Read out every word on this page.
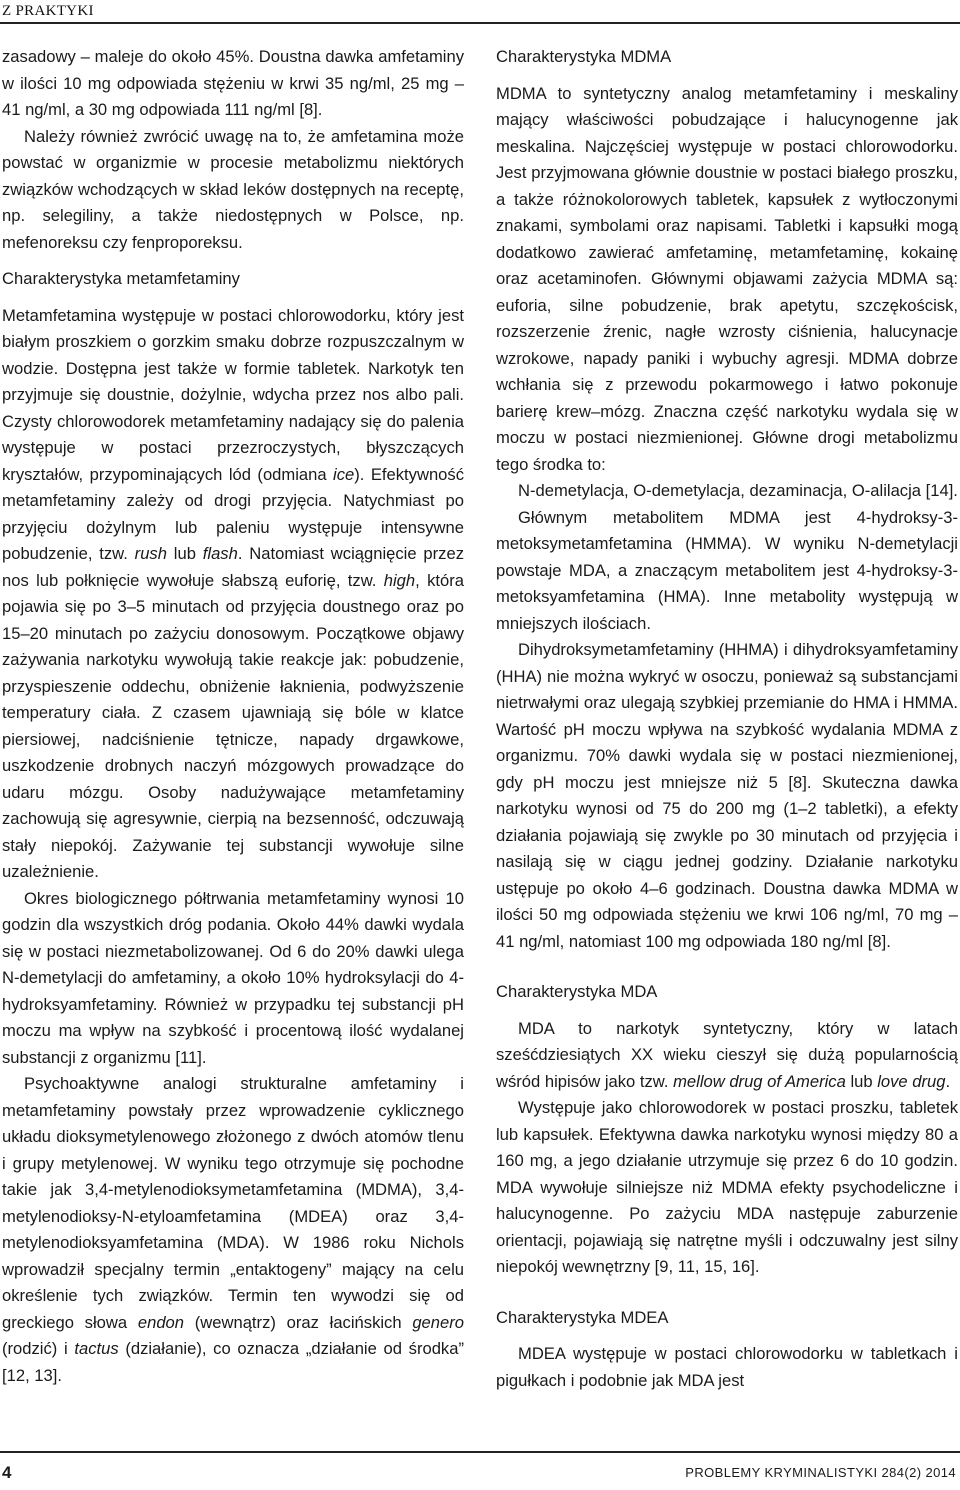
Z PRAKTYKI

zasadowy – maleje do około 45%. Doustna dawka amfetaminy w ilości 10 mg odpowiada stężeniu w krwi 35 ng/ml, 25 mg – 41 ng/ml, a 30 mg odpowiada 111 ng/ml [8].

Należy również zwrócić uwagę na to, że amfetamina może powstać w organizmie w procesie metabolizmu niektórych związków wchodzących w skład leków dostępnych na receptę, np. selegiliny, a także niedostępnych w Polsce, np. mefenoreksu czy fenproporeksu.

Charakterystyka metamfetaminy

Metamfetamina występuje w postaci chlorowodorku, który jest białym proszkiem o gorzkim smaku dobrze rozpuszczalnym w wodzie. Dostępna jest także w formie tabletek. Narkotyk ten przyjmuje się doustnie, dożylnie, wdycha przez nos albo pali. Czysty chlorowodorek metamfetaminy nadający się do palenia występuje w postaci przezroczystych, błyszczących kryształów, przypominających lód (odmiana ice). Efektywność metamfetaminy zależy od drogi przyjęcia. Natychmiast po przyjęciu dożylnym lub paleniu występuje intensywne pobudzenie, tzw. rush lub flash. Natomiast wciągnięcie przez nos lub połknięcie wywołuje słabszą euforię, tzw. high, która pojawia się po 3–5 minutach od przyjęcia doustnego oraz po 15–20 minutach po zażyciu donosowym. Początkowe objawy zażywania narkotyku wywołują takie reakcje jak: pobudzenie, przyspieszenie oddechu, obniżenie łaknienia, podwyższenie temperatury ciała. Z czasem ujawniają się bóle w klatce piersiowej, nadciśnienie tętnicze, napady drgawkowe, uszkodzenie drobnych naczyń mózgowych prowadzące do udaru mózgu. Osoby nadużywające metamfetaminy zachowują się agresywnie, cierpią na bezsenność, odczuwają stały niepokój. Zażywanie tej substancji wywołuje silne uzależnienie.

Okres biologicznego półtrwania metamfetaminy wynosi 10 godzin dla wszystkich dróg podania. Około 44% dawki wydala się w postaci niezmetabolizowanej. Od 6 do 20% dawki ulega N-demetylacji do amfetaminy, a około 10% hydroksylacji do 4-hydroksyamfetaminy. Również w przypadku tej substancji pH moczu ma wpływ na szybkość i procentową ilość wydalanej substancji z organizmu [11].

Psychoaktywne analogi strukturalne amfetaminy i metamfetaminy powstały przez wprowadzenie cyklicznego układu dioksymetylenowego złożonego z dwóch atomów tlenu i grupy metylenowej. W wyniku tego otrzymuje się pochodne takie jak 3,4-metylenodioksymetamfetamina (MDMA), 3,4-metylenodioksy-N-etyloamfetamina (MDEA) oraz 3,4-metylenodioksyamfetamina (MDA). W 1986 roku Nichols wprowadził specjalny termin „entaktogeny” mający na celu określenie tych związków. Termin ten wywodzi się od greckiego słowa endon (wewnątrz) oraz łacińskich genero (rodzić) i tactus (działanie), co oznacza „działanie od środka” [12, 13].

Charakterystyka MDMA

MDMA to syntetyczny analog metamfetaminy i meskaliny mający właściwości pobudzające i halucynogenne jak meskalina. Najczęściej występuje w postaci chlorowodorku. Jest przyjmowana głównie doustnie w postaci białego proszku, a także różnokolorowych tabletek, kapsułek z wytłoczonymi znakami, symbolami oraz napisami. Tabletki i kapsułki mogą dodatkowo zawierać amfetaminę, metamfetaminę, kokainę oraz acetaminofen. Głównymi objawami zażycia MDMA są: euforia, silne pobudzenie, brak apetytu, szczękościsk, rozszerzenie źrenic, nagłe wzrosty ciśnienia, halucynacje wzrokowe, napady paniki i wybuchy agresji. MDMA dobrze wchłania się z przewodu pokarmowego i łatwo pokonuje barierę krew–mózg. Znaczna część narkotyku wydala się w moczu w postaci niezmienionej. Główne drogi metabolizmu tego środka to:

N-demetylacja, O-demetylacja, dezaminacja, O-alilacja [14].

Głównym metabolitem MDMA jest 4-hydroksy-3-metoksymetamfetamina (HMMA). W wyniku N-demetylacji powstaje MDA, a znaczącym metabolitem jest 4-hydroksy-3-metoksyamfetamina (HMA). Inne metabolity występują w mniejszych ilościach.

Dihydroksymetamfetaminy (HHMA) i dihydroksyamfetaminy (HHA) nie można wykryć w osoczu, ponieważ są substancjami nietrwałymi oraz ulegają szybkiej przemianie do HMA i HMMA. Wartość pH moczu wpływa na szybkość wydalania MDMA z organizmu. 70% dawki wydala się w postaci niezmienionej, gdy pH moczu jest mniejsze niż 5 [8]. Skuteczna dawka narkotyku wynosi od 75 do 200 mg (1–2 tabletki), a efekty działania pojawiają się zwykle po 30 minutach od przyjęcia i nasilają się w ciągu jednej godziny. Działanie narkotyku ustępuje po około 4–6 godzinach. Doustna dawka MDMA w ilości 50 mg odpowiada stężeniu we krwi 106 ng/ml, 70 mg – 41 ng/ml, natomiast 100 mg odpowiada 180 ng/ml [8].

Charakterystyka MDA

MDA to narkotyk syntetyczny, który w latach sześćdziesiątych XX wieku cieszył się dużą popularnością wśród hipisów jako tzw. mellow drug of America lub love drug.

Występuje jako chlorowodorek w postaci proszku, tabletek lub kapsułek. Efektywna dawka narkotyku wynosi między 80 a 160 mg, a jego działanie utrzymuje się przez 6 do 10 godzin. MDA wywołuje silniejsze niż MDMA efekty psychodeliczne i halucynogenne. Po zażyciu MDA następuje zaburzenie orientacji, pojawiają się natrętne myśli i odczuwalny jest silny niepokój wewnętrzny [9, 11, 15, 16].

Charakterystyka MDEA

MDEA występuje w postaci chlorowodorku w tabletkach i pigułkach i podobnie jak MDA jest

4	PROBLEMY KRYMINALISTYKI 284(2) 2014
